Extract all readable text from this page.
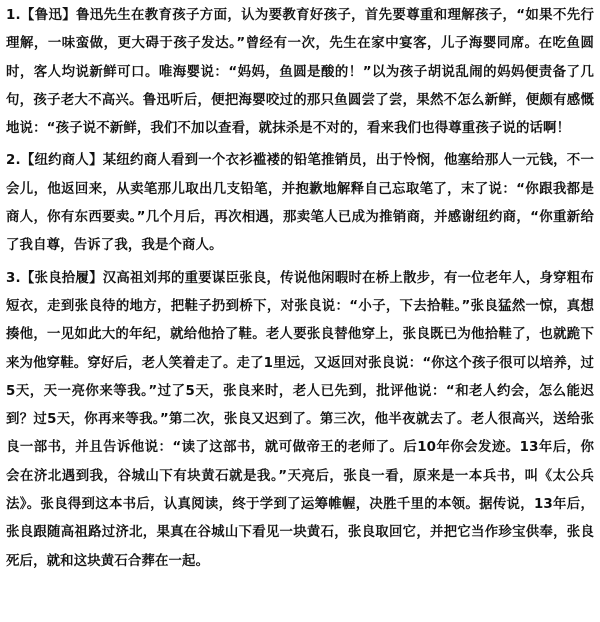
1.【鲁迅】鲁迅先生在教育孩子方面，认为要教育好孩子，首先要尊重和理解孩子，“如果不先行理解，一味蛮做，更大碍于孩子发达。”曾经有一次，先生在家中宴客，儿子海婴同席。在吃鱼圆时，客人均说新鲜可口。唯海婴说：“妈妈，鱼圆是酸的！”以为孩子胡说乱闹的妈妈便责备了几句，孩子老大不高兴。鲁迅听后，便把海婴咬过的那只鱼圆尝了尝，果然不怎么新鲜，便颇有感慨地说：“孩子说不新鲜，我们不加以查看，就抹杀是不对的，看来我们也得尊重孩子说的话啊！

2.【纽约商人】某纽约商人看到一个衣衫褴褛的铅笔推销员，出于怜悯，他塞给那人一元钱，不一会儿，他返回来，从卖笔那儿取出几支铅笔，并抱歉地解释自己忘取笔了，末了说：“你跟我都是商人，你有东西要卖。”几个月后，再次相遇，那卖笔人已成为推销商，并感谢纽约商，“你重新给了我自尊，告诉了我，我是个商人。

3.【张良拾履】汉高祖刘邦的重要谋臣张良，传说他闲暇时在桥上散步，有一位老年人，身穿粗布短衣，走到张良待的地方，把鞋子扔到桥下，对张良说：“小子，下去拾鞋。”张良猛然一惊，真想揍他，一见如此大的年纪，就给他拾了鞋。老人要张良替他穿上，张良既已为他拾鞋了，也就跪下来为他穿鞋。穿好后，老人笑着走了。走了1里远，又返回对张良说：“你这个孩子很可以培养，过5天，天一亮你来等我。”过了5天，张良来时，老人已先到，批评他说：“和老人约会，怎么能迟到？过5天，你再来等我。”第二次，张良又迟到了。第三次，他半夜就去了。老人很高兴，送给张良一部书，并且告诉他说：“读了这部书，就可做帝王的老师了。后10年你会发迹。13年后，你会在济北遇到我，谷城山下有块黄石就是我。”天亮后，张良一看，原来是一本兵书，叫《太公兵法》。张良得到这本书后，认真阅读，终于学到了运筹帷幄，决胜千里的本领。据传说，13年后，张良跟随高祖路过济北，果真在谷城山下看见一块黄石，张良取回它，并把它当作珍宝供奉，张良死后，就和这块黄石合葬在一起。
